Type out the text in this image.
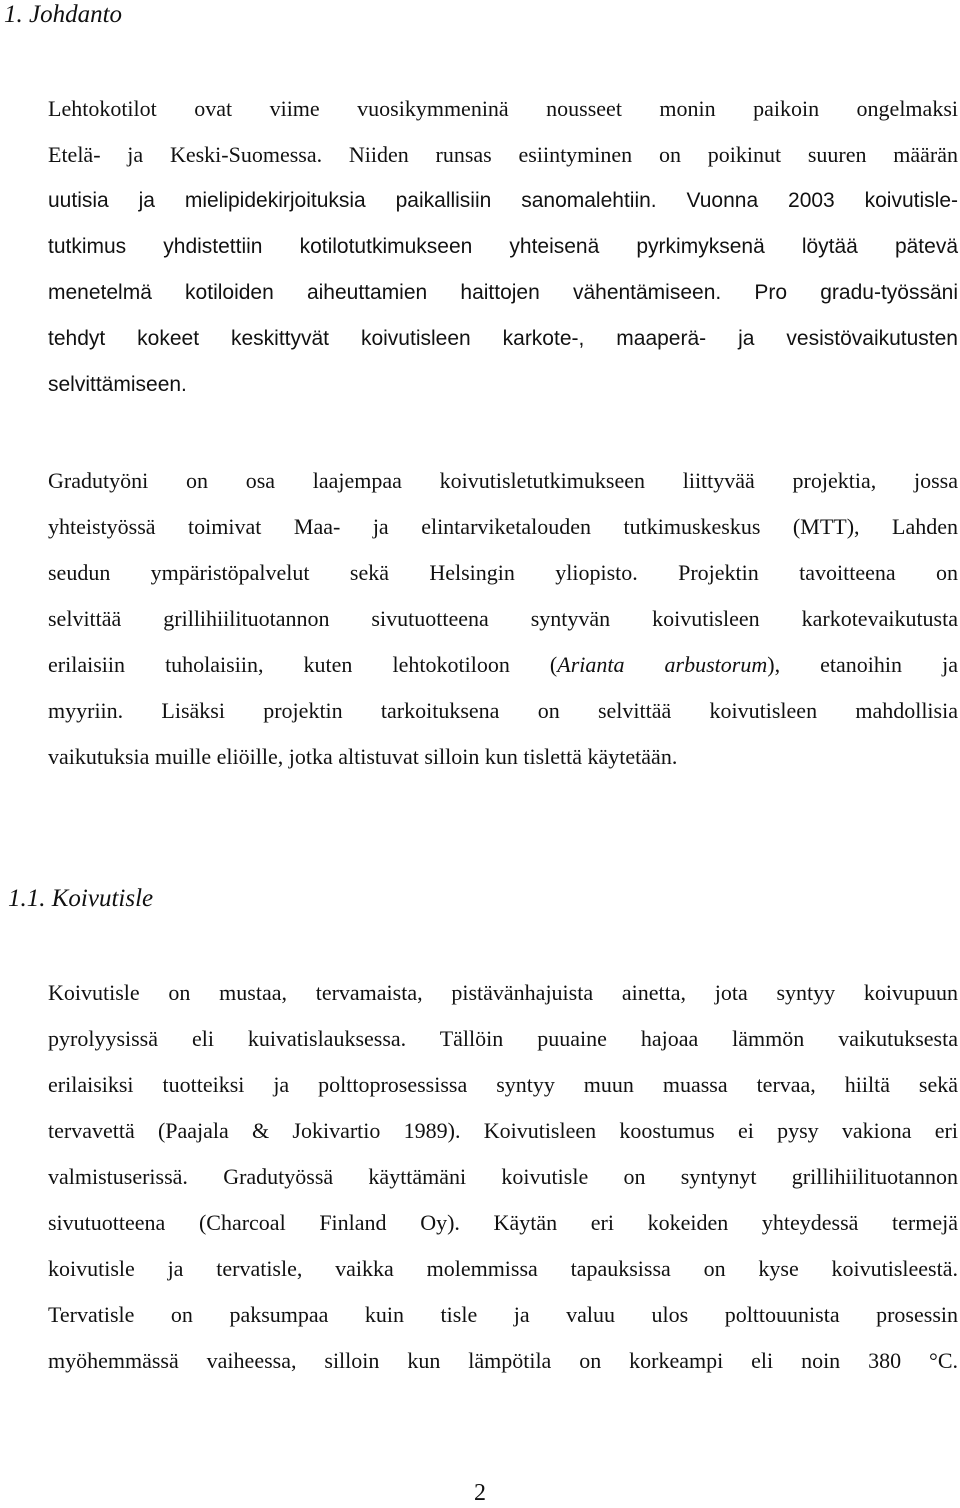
1. Johdanto
Lehtokotilot ovat viime vuosikymmeninä nousseet monin paikoin ongelmaksi
Etelä- ja Keski-Suomessa. Niiden runsas esiintyminen on poikinut suuren määrän
uutisia ja mielipidekirjoituksia paikallisiin sanomalehtiin. Vuonna 2003 koivutisle-
tutkimus yhdistettiin kotilotutkimukseen yhteisenä pyrkimyksenä löytää pätevä
menetelmä kotiloiden aiheuttamien haittojen vähentämiseen. Pro gradu-työssäni
tehdyt kokeet keskittyvät koivutisleen karkote-, maaperä- ja vesistövaikutusten
selvittämiseen.
Gradutyöni on osa laajempaa koivutisletutkimukseen liittyvää projektia, jossa
yhteistyössä toimivat Maa- ja elintarviketalouden tutkimuskeskus (MTT), Lahden
seudun ympäristöpalvelut sekä Helsingin yliopisto. Projektin tavoitteena on
selvittää grillihiilituotannon sivutuotteena syntyvän koivutisleen karkotevaikutusta
erilaisiin tuholaisiin, kuten lehtokotiloon (Arianta arbustorum), etanoihin ja
myyriin. Lisäksi projektin tarkoituksena on selvittää koivutisleen mahdollisia
vaikutuksia muille eliöille, jotka altistuvat silloin kun tislettä käytetään.
1.1. Koivutisle
Koivutisle on mustaa, tervamaista, pistävänhajuista ainetta, jota syntyy koivupuun
pyrolyysissä eli kuivatislauksessa. Tällöin puuaine hajoaa lämmön vaikutuksesta
erilaisiksi tuotteiksi ja polttoprosessissa syntyy muun muassa tervaa, hiiltä sekä
tervavettä (Paajala & Jokivartio 1989). Koivutisleen koostumus ei pysy vakiona eri
valmistuserissä. Gradutyössä käyttämäni koivutisle on syntynyt grillihiilituotannon
sivutuotteena (Charcoal Finland Oy). Käytän eri kokeiden yhteydessä termejä
koivutisle ja tervatisle, vaikka molemmissa tapauksissa on kyse koivutisleestä.
Tervatisle on paksumpaa kuin tisle ja valuu ulos polttouunista prosessin
myöhemmässä vaiheessa, silloin kun lämpötila on korkeampi eli noin 380 °C.
2
